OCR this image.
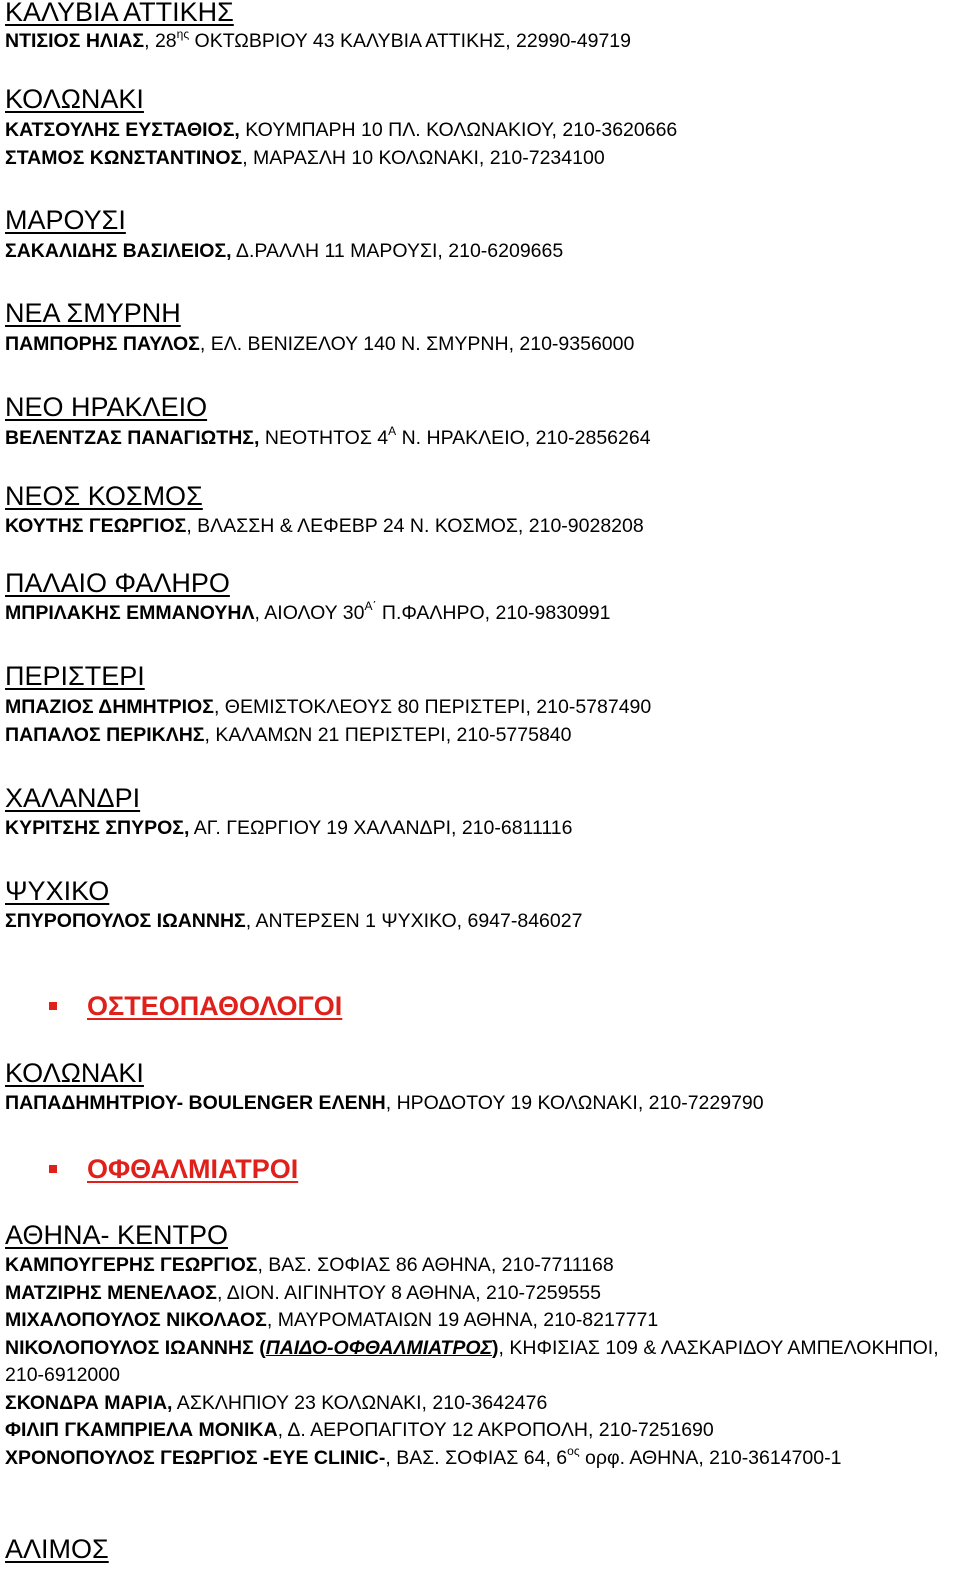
ΚΑΛΥΒΙΑ ΑΤΤΙΚΗΣ
ΝΤΙΣΙΟΣ ΗΛΙΑΣ, $28^{\eta\varsigma}$ ΟΚΤΩΒΡΙΟΥ 43 ΚΑΛΥΒΙΑ ΑΤΤΙΚΗΣ, 22990-49719
ΚΟΛΩΝΑΚΙ
ΚΑΤΣΟΥΛΗΣ ΕΥΣΤΑΘΙΟΣ, ΚΟΥΜΠΑΡΗ 10 ΠΛ. ΚΟΛΩΝΑΚΙΟΥ, 210-3620666
ΣΤΑΜΟΣ ΚΩΝΣΤΑΝΤΙΝΟΣ, ΜΑΡΑΣΛΗ 10 ΚΟΛΩΝΑΚΙ, 210-7234100
ΜΑΡΟΥΣΙ
ΣΑΚΑΛΙΔΗΣ ΒΑΣΙΛΕΙΟΣ, Δ.ΡΑΛΛΗ 11 ΜΑΡΟΥΣΙ, 210-6209665
ΝΕΑ ΣΜΥΡΝΗ
ΠΑΜΠΟΡΗΣ ΠΑΥΛΟΣ, ΕΛ. ΒΕΝΙΖΕΛΟΥ 140 Ν. ΣΜΥΡΝΗ, 210-9356000
ΝΕΟ ΗΡΑΚΛΕΙΟ
ΒΕΛΕΝΤΖΑΣ ΠΑΝΑΓΙΩΤΗΣ, ΝΕΟΤΗΤΟΣ $4^A$ Ν. ΗΡΑΚΛΕΙΟ, 210-2856264
ΝΕΟΣ ΚΟΣΜΟΣ
ΚΟΥΤΗΣ ΓΕΩΡΓΙΟΣ, ΒΛΑΣΣΗ & ΛΕΦΕΒΡ 24 Ν. ΚΟΣΜΟΣ, 210-9028208
ΠΑΛΑΙΟ ΦΑΛΗΡΟ
ΜΠΡΙΛΑΚΗΣ ΕΜΜΑΝΟΥΗΛ, ΑΙΟΛΟΥ $30^{A΄}$ Π.ΦΑΛΗΡΟ, 210-9830991
ΠΕΡΙΣΤΕΡΙ
ΜΠΑΖΙΟΣ ΔΗΜΗΤΡΙΟΣ, ΘΕΜΙΣΤΟΚΛΕΟΥΣ 80 ΠΕΡΙΣΤΕΡΙ, 210-5787490
ΠΑΠΑΛΟΣ ΠΕΡΙΚΛΗΣ, ΚΑΛΑΜΩΝ 21 ΠΕΡΙΣΤΕΡΙ, 210-5775840
ΧΑΛΑΝΔΡΙ
ΚΥΡΙΤΣΗΣ ΣΠΥΡΟΣ, ΑΓ. ΓΕΩΡΓΙΟΥ 19 ΧΑΛΑΝΔΡΙ, 210-6811116
ΨΥΧΙΚΟ
ΣΠΥΡΟΠΟΥΛΟΣ ΙΩΑΝΝΗΣ, ΑΝΤΕΡΣΕΝ 1 ΨΥΧΙΚΟ, 6947-846027
ΟΣΤΕΟΠΑΘΟΛΟΓΟΙ
ΚΟΛΩΝΑΚΙ
ΠΑΠΑΔΗΜΗΤΡΙΟΥ- BOULENGER ΕΛΕΝΗ, ΗΡΟΔΟΤΟΥ 19 ΚΟΛΩΝΑΚΙ, 210-7229790
ΟΦΘΑΛΜΙΑΤΡΟΙ
ΑΘΗΝΑ- ΚΕΝΤΡΟ
ΚΑΜΠΟΥΓΕΡΗΣ ΓΕΩΡΓΙΟΣ, ΒΑΣ. ΣΟΦΙΑΣ 86 ΑΘΗΝΑ, 210-7711168
ΜΑΤΖΙΡΗΣ ΜΕΝΕΛΑΟΣ, ΔΙΟΝ. ΑΙΓΙΝΗΤΟΥ 8 ΑΘΗΝΑ, 210-7259555
ΜΙΧΑΛΟΠΟΥΛΟΣ ΝΙΚΟΛΑΟΣ, ΜΑΥΡΟΜΑΤΑΙΩΝ 19 ΑΘΗΝΑ, 210-8217771
ΝΙΚΟΛΟΠΟΥΛΟΣ ΙΩΑΝΝΗΣ (ΠΑΙΔΟ-ΟΦΘΑΛΜΙΑΤΡΟΣ), ΚΗΦΙΣΙΑΣ 109 & ΛΑΣΚΑΡΙΔΟΥ ΑΜΠΕΛΟΚΗΠΟΙ, 210-6912000
ΣΚΟΝΔΡΑ ΜΑΡΙΑ, ΑΣΚΛΗΠΙΟΥ 23 ΚΟΛΩΝΑΚΙ, 210-3642476
ΦΙΛΙΠ ΓΚΑΜΠΡΙΕΛΑ ΜΟΝΙΚΑ, Δ. ΑΕΡΟΠΑΓΙΤΟΥ 12 ΑΚΡΟΠΟΛΗ, 210-7251690
ΧΡΟΝΟΠΟΥΛΟΣ ΓΕΩΡΓΙΟΣ -EYE CLINIC-, ΒΑΣ. ΣΟΦΙΑΣ 64, $6^{o\varsigma}$ ορφ. ΑΘΗΝΑ, 210-3614700-1
ΑΛΙΜΟΣ
